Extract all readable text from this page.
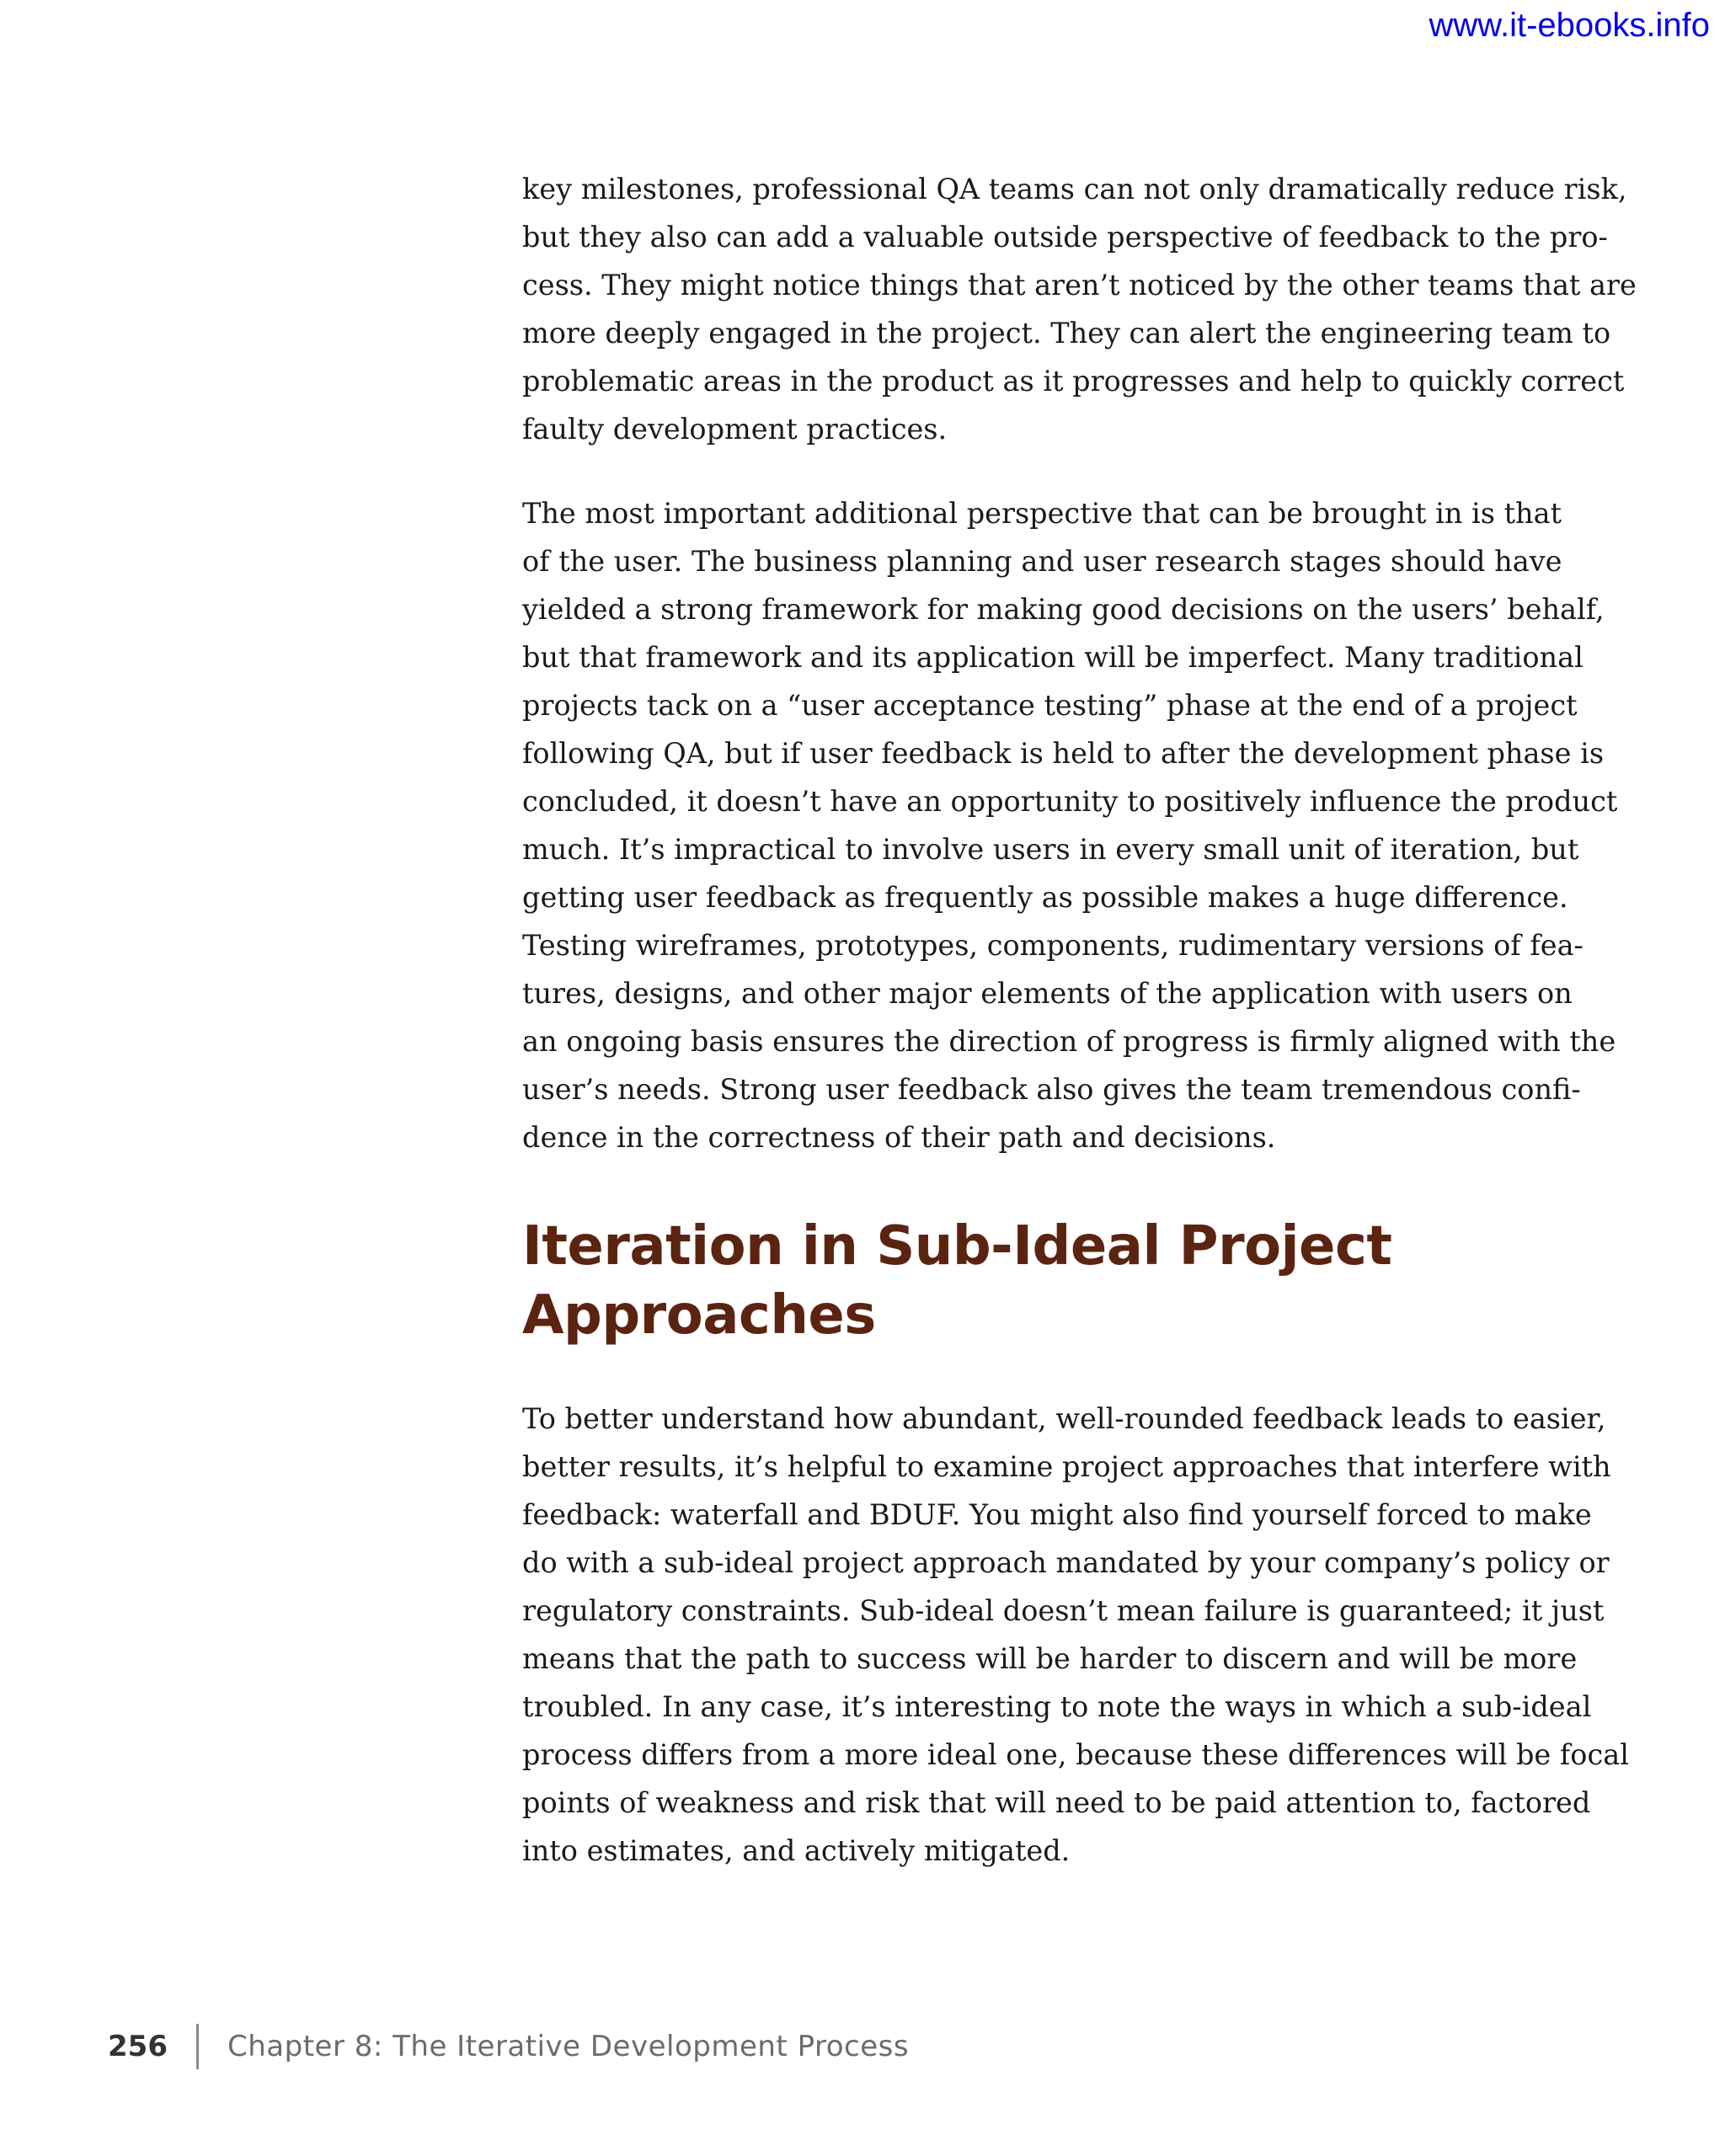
www.it-ebooks.info
key milestones, professional QA teams can not only dramatically reduce risk,
but they also can add a valuable outside perspective of feedback to the pro-
cess. They might notice things that aren’t noticed by the other teams that are
more deeply engaged in the project. They can alert the engineering team to
problematic areas in the product as it progresses and help to quickly correct
faulty development practices.
The most important additional perspective that can be brought in is that
of the user. The business planning and user research stages should have
yielded a strong framework for making good decisions on the users’ behalf,
but that framework and its application will be imperfect. Many traditional
projects tack on a “user acceptance testing” phase at the end of a project
following QA, but if user feedback is held to after the development phase is
concluded, it doesn’t have an opportunity to positively influence the product
much. It’s impractical to involve users in every small unit of iteration, but
getting user feedback as frequently as possible makes a huge difference.
Testing wireframes, prototypes, components, rudimentary versions of fea-
tures, designs, and other major elements of the application with users on
an ongoing basis ensures the direction of progress is firmly aligned with the
user’s needs. Strong user feedback also gives the team tremendous confi-
dence in the correctness of their path and decisions.
Iteration in Sub-Ideal Project
Approaches
To better understand how abundant, well-rounded feedback leads to easier,
better results, it’s helpful to examine project approaches that interfere with
feedback: waterfall and BDUF. You might also find yourself forced to make
do with a sub-ideal project approach mandated by your company’s policy or
regulatory constraints. Sub-ideal doesn’t mean failure is guaranteed; it just
means that the path to success will be harder to discern and will be more
troubled. In any case, it’s interesting to note the ways in which a sub-ideal
process differs from a more ideal one, because these differences will be focal
points of weakness and risk that will need to be paid attention to, factored
into estimates, and actively mitigated.
256 Chapter 8: The Iterative Development Process
